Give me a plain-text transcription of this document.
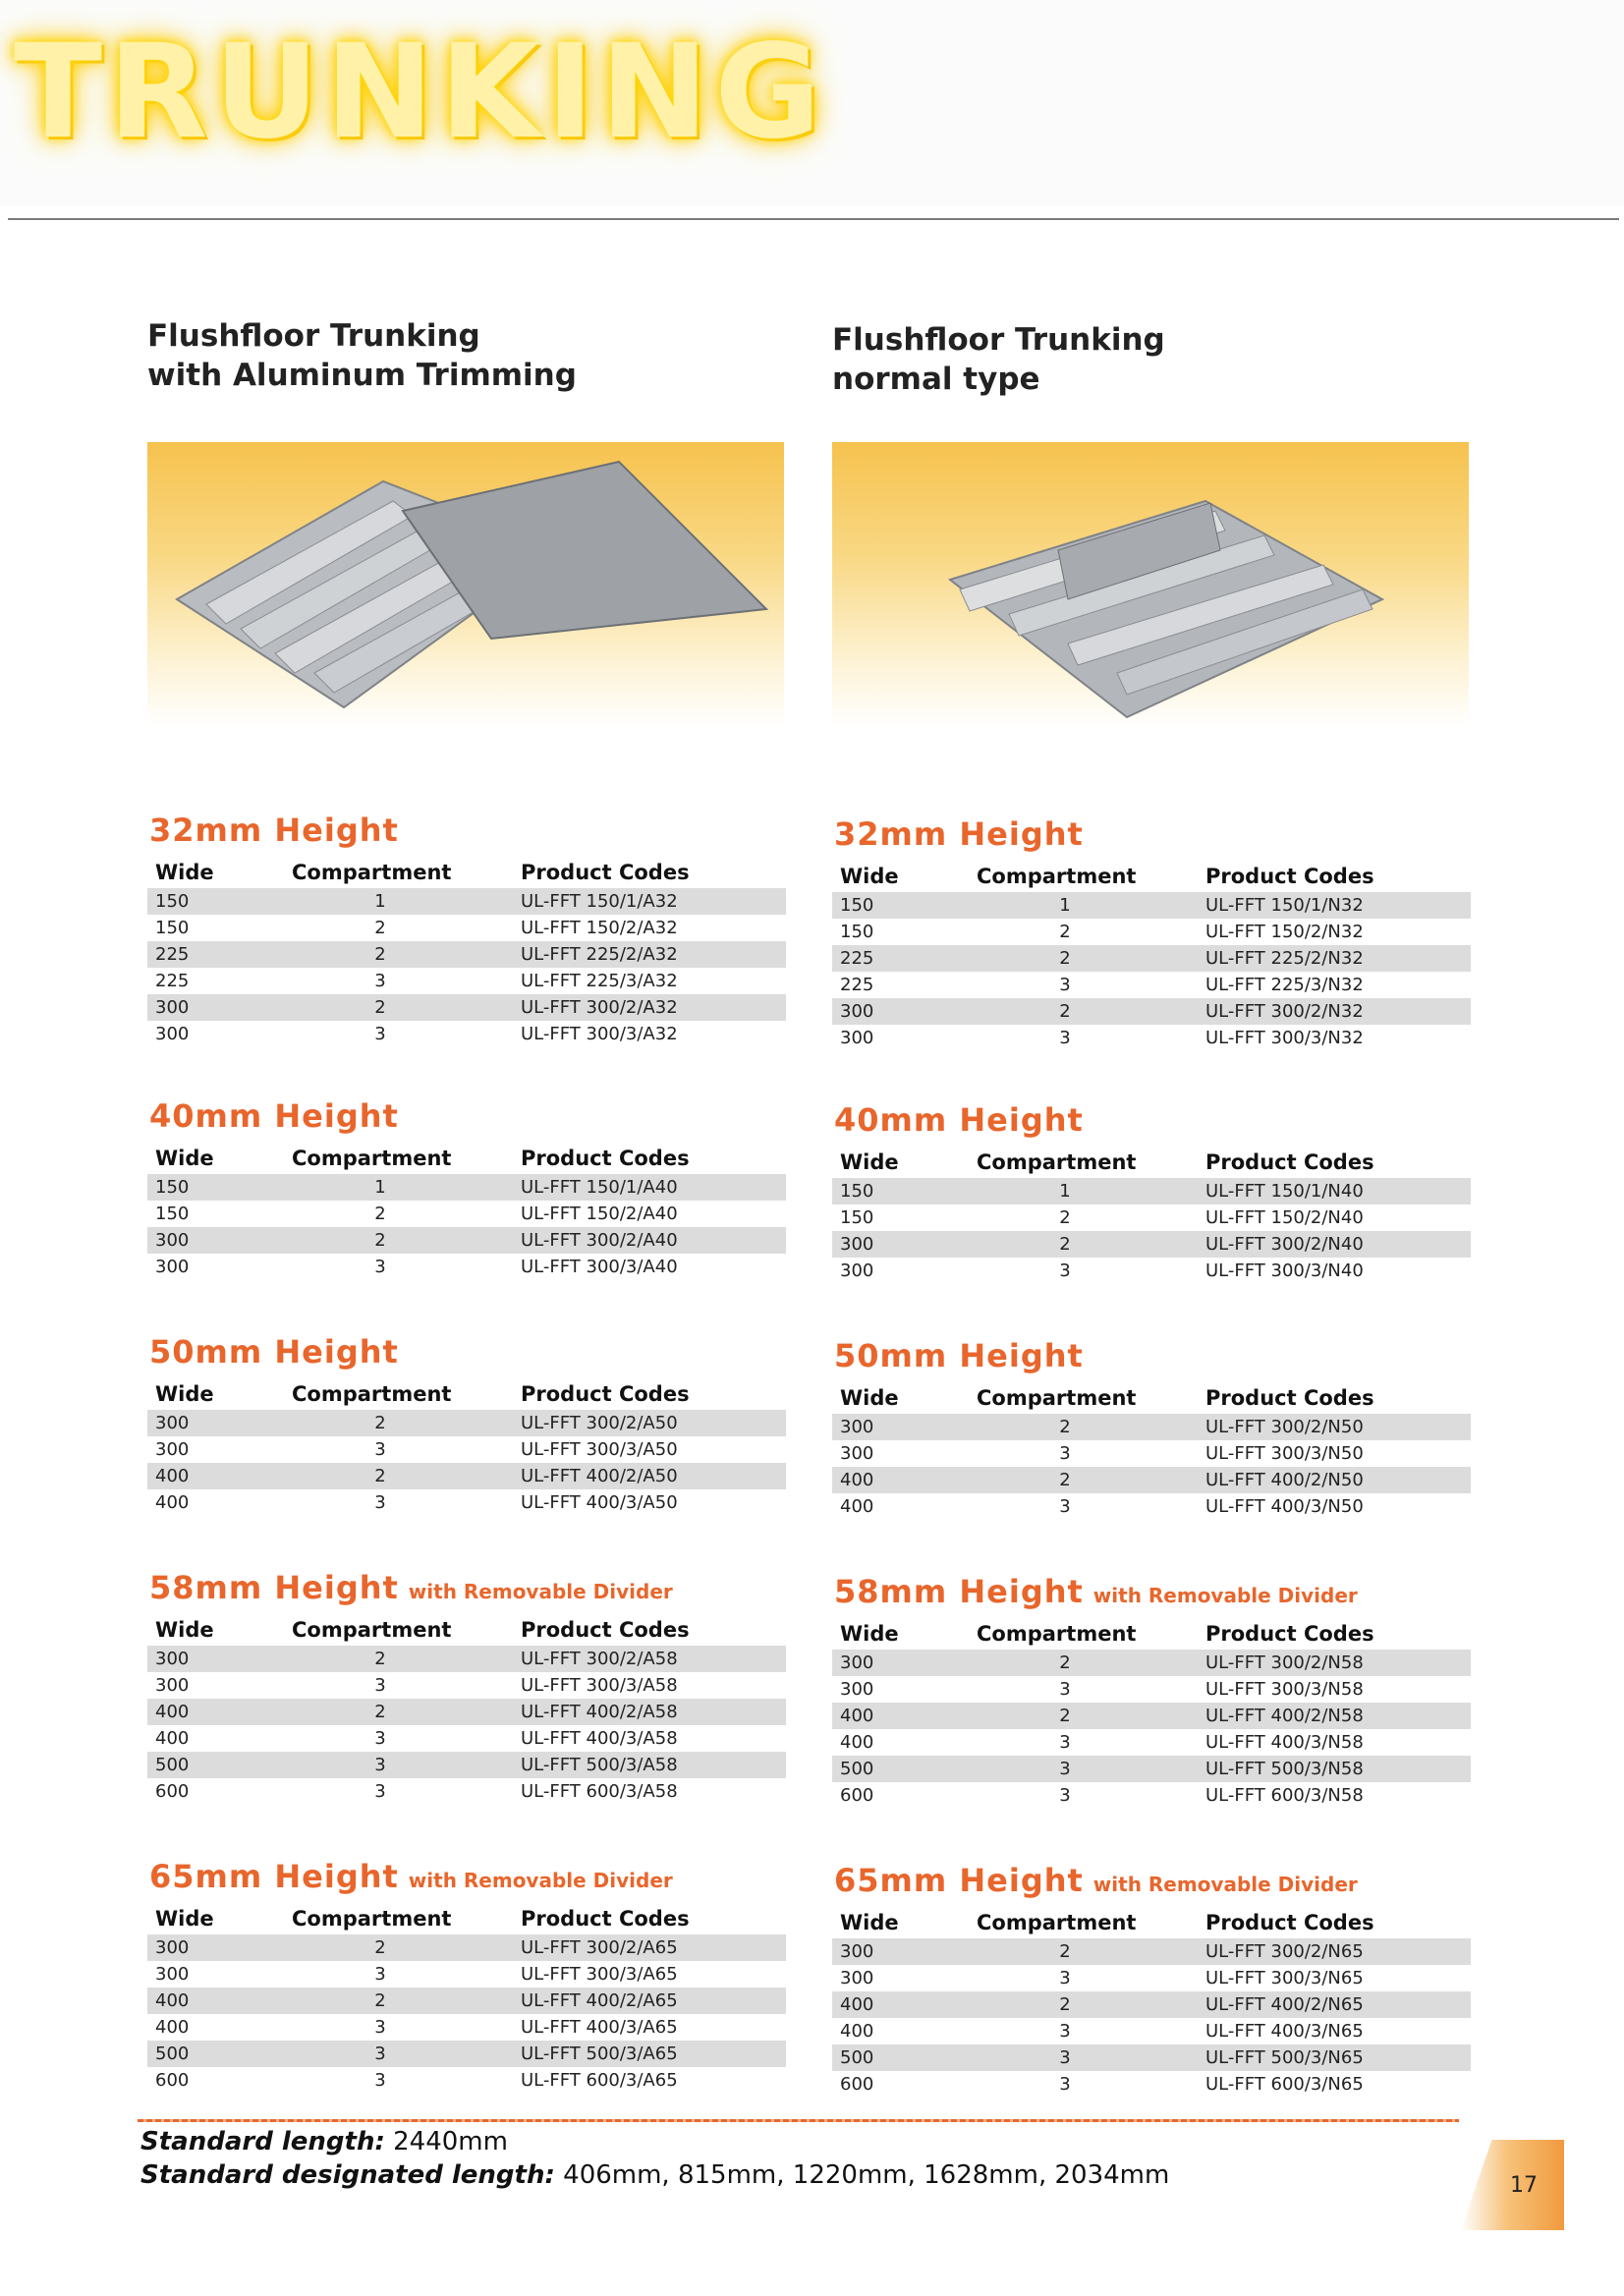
TRUNKING
Flushfloor Trunking
with Aluminum Trimming
32mm Height
Wide	Compartment	Product Codes
150	1	UL-FFT 150/1/A32
150	2	UL-FFT 150/2/A32
225	2	UL-FFT 225/2/A32
225	3	UL-FFT 225/3/A32
300	2	UL-FFT 300/2/A32
300	3	UL-FFT 300/3/A32
40mm Height
Wide	Compartment	Product Codes
150	1	UL-FFT 150/1/A40
150	2	UL-FFT 150/2/A40
300	2	UL-FFT 300/2/A40
300	3	UL-FFT 300/3/A40
50mm Height
Wide	Compartment	Product Codes
300	2	UL-FFT 300/2/A50
300	3	UL-FFT 300/3/A50
400	2	UL-FFT 400/2/A50
400	3	UL-FFT 400/3/A50
58mm Height with Removable Divider
Wide	Compartment	Product Codes
300	2	UL-FFT 300/2/A58
300	3	UL-FFT 300/3/A58
400	2	UL-FFT 400/2/A58
400	3	UL-FFT 400/3/A58
500	3	UL-FFT 500/3/A58
600	3	UL-FFT 600/3/A58
65mm Height with Removable Divider
Wide	Compartment	Product Codes
300	2	UL-FFT 300/2/A65
300	3	UL-FFT 300/3/A65
400	2	UL-FFT 400/2/A65
400	3	UL-FFT 400/3/A65
500	3	UL-FFT 500/3/A65
600	3	UL-FFT 600/3/A65
Flushfloor Trunking
normal type
32mm Height
Wide	Compartment	Product Codes
150	1	UL-FFT 150/1/N32
150	2	UL-FFT 150/2/N32
225	2	UL-FFT 225/2/N32
225	3	UL-FFT 225/3/N32
300	2	UL-FFT 300/2/N32
300	3	UL-FFT 300/3/N32
40mm Height
Wide	Compartment	Product Codes
150	1	UL-FFT 150/1/N40
150	2	UL-FFT 150/2/N40
300	2	UL-FFT 300/2/N40
300	3	UL-FFT 300/3/N40
50mm Height
Wide	Compartment	Product Codes
300	2	UL-FFT 300/2/N50
300	3	UL-FFT 300/3/N50
400	2	UL-FFT 400/2/N50
400	3	UL-FFT 400/3/N50
58mm Height with Removable Divider
Wide	Compartment	Product Codes
300	2	UL-FFT 300/2/N58
300	3	UL-FFT 300/3/N58
400	2	UL-FFT 400/2/N58
400	3	UL-FFT 400/3/N58
500	3	UL-FFT 500/3/N58
600	3	UL-FFT 600/3/N58
65mm Height with Removable Divider
Wide	Compartment	Product Codes
300	2	UL-FFT 300/2/N65
300	3	UL-FFT 300/3/N65
400	2	UL-FFT 400/2/N65
400	3	UL-FFT 400/3/N65
500	3	UL-FFT 500/3/N65
600	3	UL-FFT 600/3/N65
Standard length: 2440mm
Standard designated length: 406mm, 815mm, 1220mm, 1628mm, 2034mm	17
